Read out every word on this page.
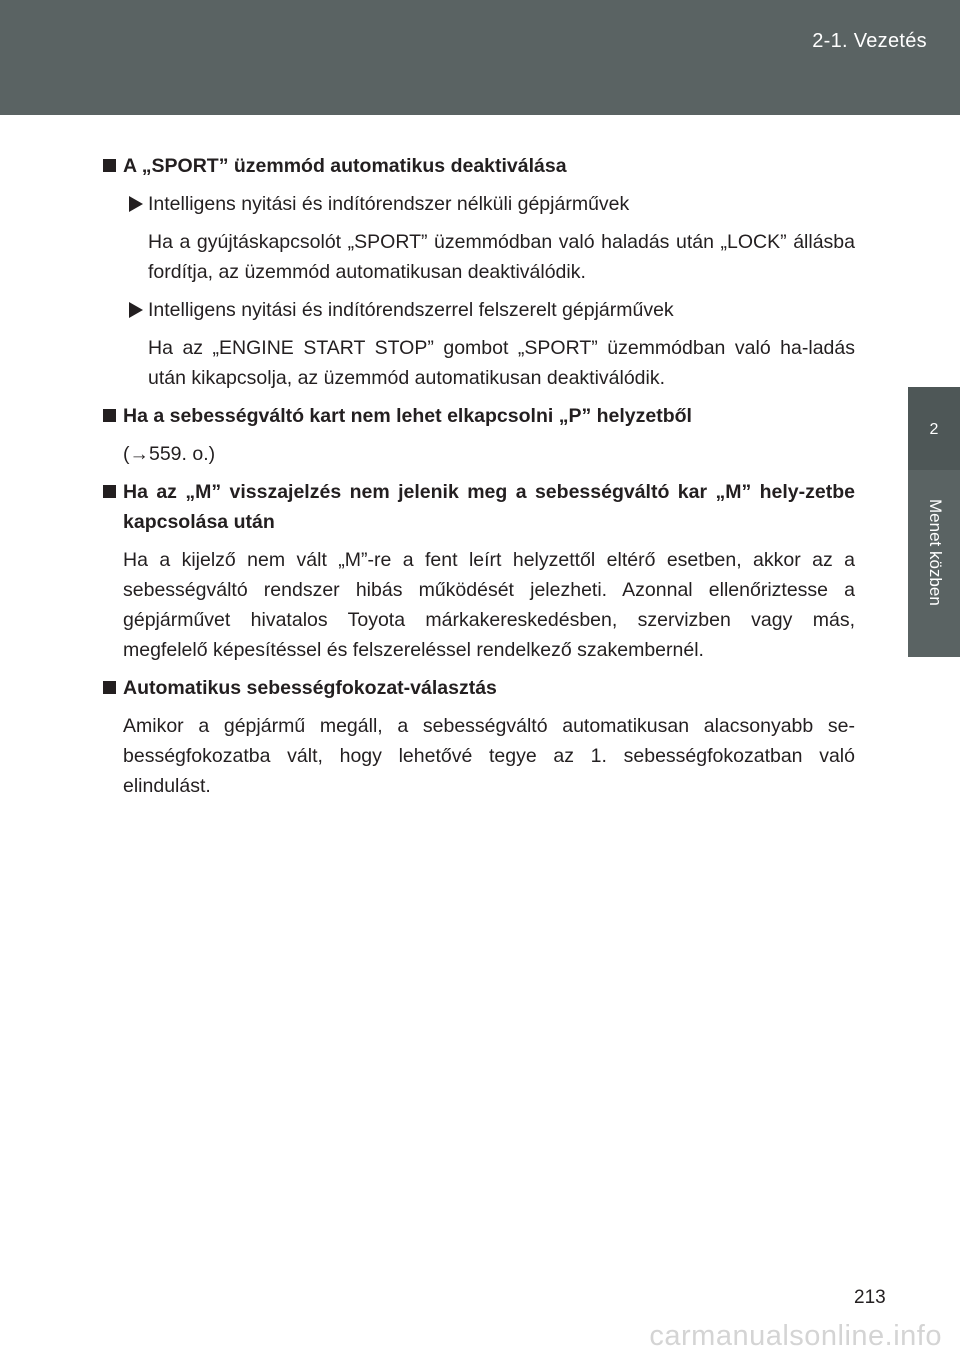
2-1. Vezetés
2
Menet közben
A „SPORT” üzemmód automatikus deaktiválása
Intelligens nyitási és indítórendszer nélküli gépjárművek
Ha a gyújtáskapcsolót „SPORT” üzemmódban való haladás után „LOCK” állásba fordítja, az üzemmód automatikusan deaktiválódik.
Intelligens nyitási és indítórendszerrel felszerelt gépjárművek
Ha az „ENGINE START STOP” gombot „SPORT” üzemmódban való ha-ladás után kikapcsolja, az üzemmód automatikusan deaktiválódik.
Ha a sebességváltó kart nem lehet elkapcsolni „P” helyzetből
(→559. o.)
Ha az „M” visszajelzés nem jelenik meg a sebességváltó kar „M” hely-zetbe kapcsolása után
Ha a kijelző nem vált „M”-re a fent leírt helyzettől eltérő esetben, akkor az a sebességváltó rendszer hibás működését jelezheti. Azonnal ellenőriztesse a gépjárművet hivatalos Toyota márkakereskedésben, szervizben vagy más, megfelelő képesítéssel és felszereléssel rendelkező szakembernél.
Automatikus sebességfokozat-választás
Amikor a gépjármű megáll, a sebességváltó automatikusan alacsonyabb se-bességfokozatba vált, hogy lehetővé tegye az 1. sebességfokozatban való elindulást.
213
carmanualsonline.info
